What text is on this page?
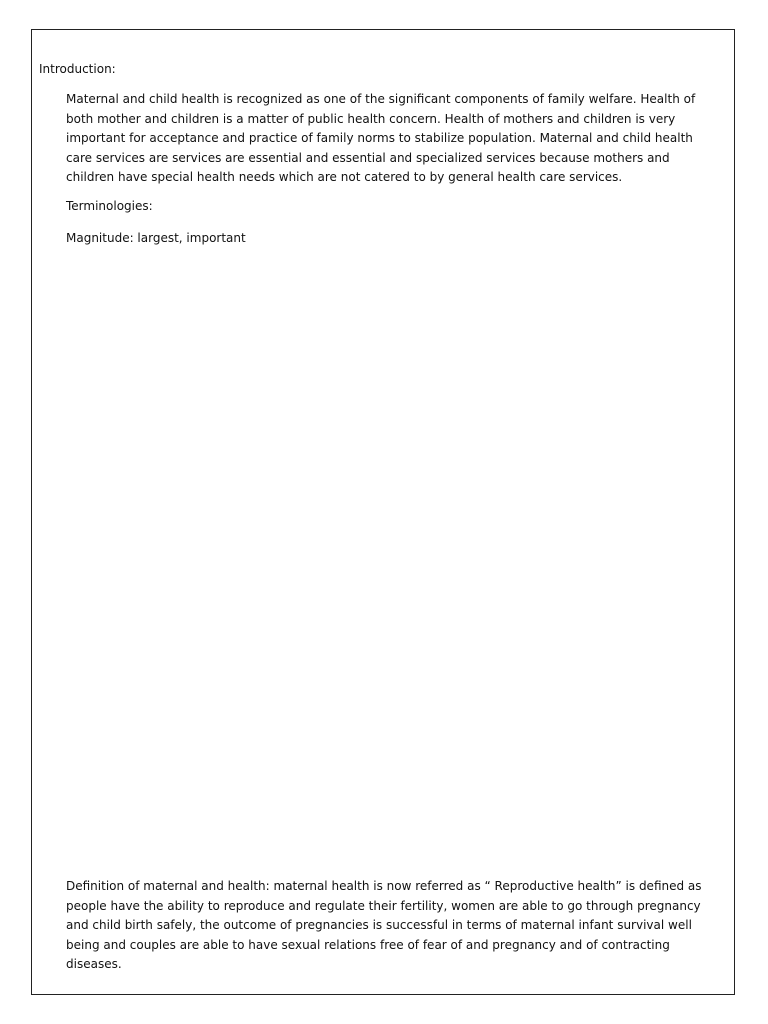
Introduction:

Maternal and child health is recognized as one of the significant components of family welfare. Health of both mother and children is a matter of public health concern. Health of mothers and children is very important for acceptance and practice of family norms to stabilize population. Maternal and child health care services are services are essential and essential and specialized services because mothers and children have special health needs which are not catered to by general health care services.

Terminologies:

Magnitude: largest, important

Definition of maternal and health: maternal health is now referred as “ Reproductive health” is defined as people have the ability to reproduce and regulate their fertility, women are able to go through pregnancy and child birth safely, the outcome of pregnancies is successful in terms of maternal infant survival well being and couples are able to have sexual relations free of fear of and pregnancy and of contracting diseases.
